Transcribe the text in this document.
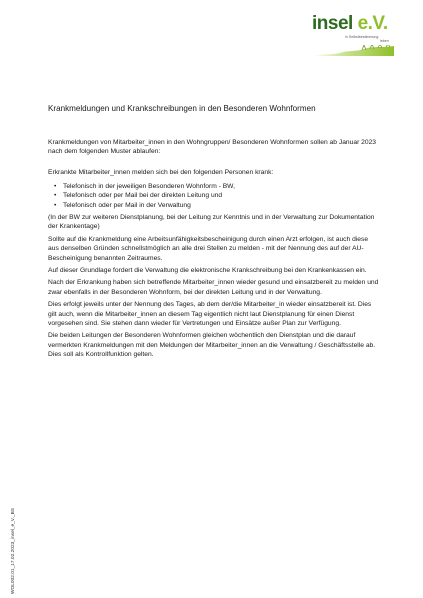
insel e.V.
in Selbstbestimmung
leben
Krankmeldungen und Krankschreibungen in den Besonderen Wohnformen

Krankmeldungen von Mitarbeiter_innen in den Wohngruppen/ Besonderen Wohnformen sollen ab Januar 2023 nach dem folgenden Muster ablaufen:

Erkrankte Mitarbeiter_innen melden sich bei den folgenden Personen krank:

• Telefonisch in der jeweiligen Besonderen Wohnform - BW,
• Telefonisch oder per Mail bei der direkten Leitung und
• Telefonisch oder per Mail in der Verwaltung

(In der BW zur weiteren Dienstplanung, bei der Leitung zur Kenntnis und in der Verwaltung zur Dokumentation der Krankentage)

Sollte auf die Krankmeldung eine Arbeitsunfähigkeitsbescheinigung durch einen Arzt erfolgen, ist auch diese aus denselben Gründen schnellstmöglich an alle drei Stellen zu melden - mit der Nennung des auf der AU-Bescheinigung benannten Zeitraumes.

Auf dieser Grundlage fordert die Verwaltung die elektronische Krankschreibung bei den Krankenkassen ein.

Nach der Erkrankung haben sich betreffende Mitarbeiter_innen wieder gesund und einsatzbereit zu melden und zwar ebenfalls in der Besonderen Wohnform, bei der direkten Leitung und in der Verwaltung.

Dies erfolgt jeweils unter der Nennung des Tages, ab dem der/die Mitarbeiter_in wieder einsatzbereit ist. Dies gilt auch, wenn die Mitarbeiter_innen an diesem Tag eigentlich nicht laut Dienstplanung für einen Dienst vorgesehen sind. Sie stehen dann wieder für Vertretungen und Einsätze außer Plan zur Verfügung.

Die beiden Leitungen der Besonderen Wohnformen gleichen wöchentlich den Dienstplan und die darauf vermerkten Krankmeldungen mit den Meldungen der Mitarbeiter_innen an die Verwaltung / Geschäftsstelle ab. Dies soll als Kontrollfunktion gelten.

WOL002.01_17.02.2023_insel_e_V._BS
